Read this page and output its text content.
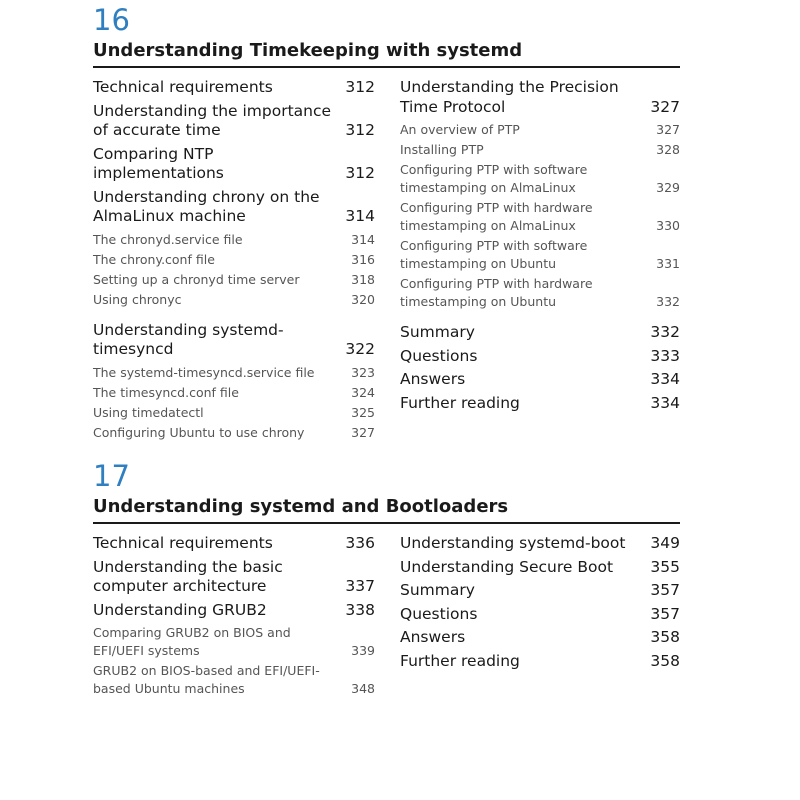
16
Understanding Timekeeping with systemd
Technical requirements	312
Understanding the importance of accurate time	312
Comparing NTP implementations	312
Understanding chrony on the AlmaLinux machine	314
The chronyd.service file	314
The chrony.conf file	316
Setting up a chronyd time server	318
Using chronyc	320
Understanding systemd-timesyncd	322
The systemd-timesyncd.service file	323
The timesyncd.conf file	324
Using timedatectl	325
Configuring Ubuntu to use chrony	327
Understanding the Precision Time Protocol	327
An overview of PTP	327
Installing PTP	328
Configuring PTP with software timestamping on AlmaLinux	329
Configuring PTP with hardware timestamping on AlmaLinux	330
Configuring PTP with software timestamping on Ubuntu	331
Configuring PTP with hardware timestamping on Ubuntu	332
Summary	332
Questions	333
Answers	334
Further reading	334
17
Understanding systemd and Bootloaders
Technical requirements	336
Understanding the basic computer architecture	337
Understanding GRUB2	338
Comparing GRUB2 on BIOS and EFI/UEFI systems	339
GRUB2 on BIOS-based and EFI/UEFI-based Ubuntu machines	348
Understanding systemd-boot	349
Understanding Secure Boot	355
Summary	357
Questions	357
Answers	358
Further reading	358
